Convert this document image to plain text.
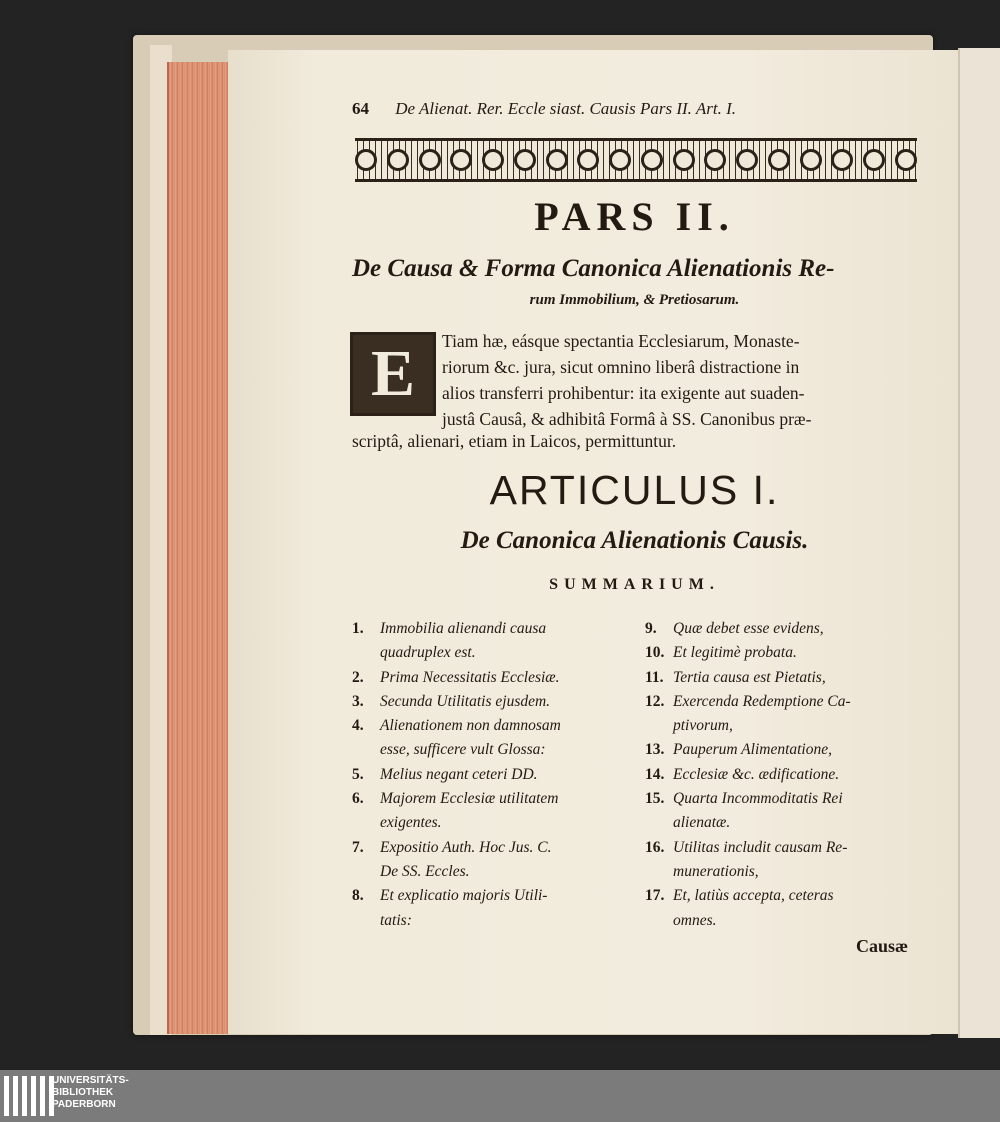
64 De Alienat. Rer. Eccle siast. Causis Pars II. Art. I.
PARS II.
De Causa & Forma Canonica Alienationis Re-
rum Immobilium, & Pretiosarum.
E	Tiam hæ, eásque spectantia Ecclesiarum, Monaste-
riorum &c. jura, sicut omnino liberâ distractione in
alios transferri prohibentur: ita exigente aut suaden-
justâ Causâ, & adhibitâ Formâ à SS. Canonibus præ-
scriptâ, alienari, etiam in Laicos, permittuntur.
ARTICULUS I.
De Canonica Alienationis Causis.
SUMMARIUM.
1. Immobilia alienandi causa
quadruplex est.
2. Prima Necessitatis Ecclesiæ.
3. Secunda Utilitatis ejusdem.
4. Alienationem non damnosam
esse, sufficere vult Glossa:
5. Melius negant ceteri DD.
6. Majorem Ecclesiæ utilitatem
exigentes.
7. Expositio Auth. Hoc Jus. C.
De SS. Eccles.
8. Et explicatio majoris Utili-
tatis:
9. Quæ debet esse evidens,
10. Et legitimè probata.
11. Tertia causa est Pietatis,
12. Exercenda Redemptione Ca-
ptivorum,
13. Pauperum Alimentatione,
14. Ecclesiæ &c. ædificatione.
15. Quarta Incommoditatis Rei
alienatæ.
16. Utilitas includit causam Re-
munerationis,
17. Et, latiùs accepta, ceteras
omnes.
Causæ
UNIVERSITÄTS-
BIBLIOTHEK
PADERBORN
